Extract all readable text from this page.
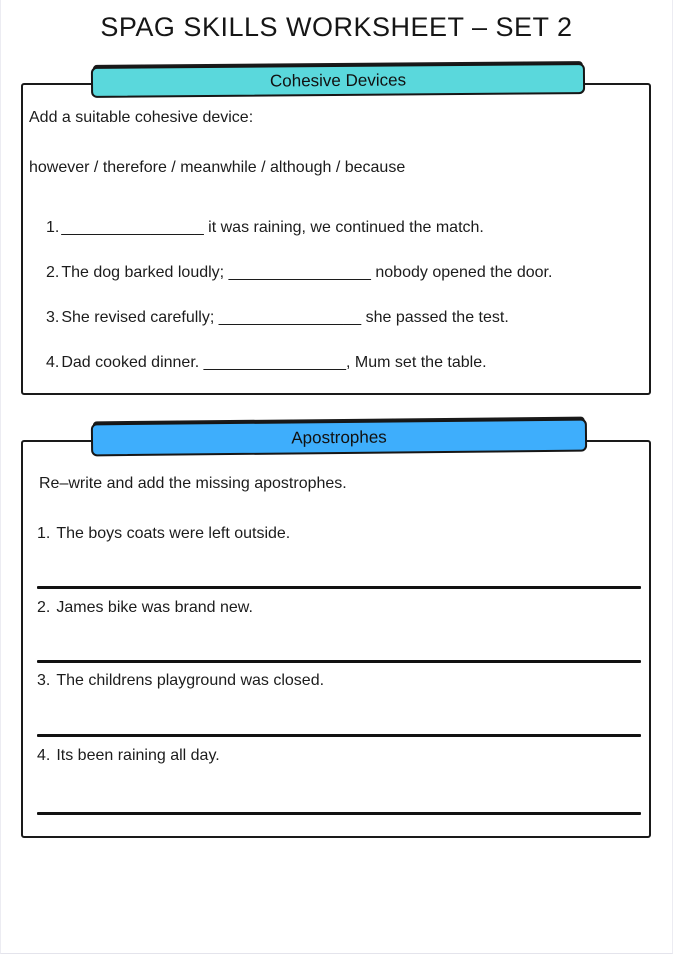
SPAG SKILLS WORKSHEET – SET 2
Cohesive Devices
Add a suitable cohesive device:
however / therefore / meanwhile / although / because
1. ________________ it was raining, we continued the match.
2. The dog barked loudly; ________________ nobody opened the door.
3. She revised carefully; ________________ she passed the test.
4. Dad cooked dinner. ________________, Mum set the table.
Apostrophes
Re–write and add the missing apostrophes.
1. The boys coats were left outside.
2. James bike was brand new.
3. The childrens playground was closed.
4. Its been raining all day.
